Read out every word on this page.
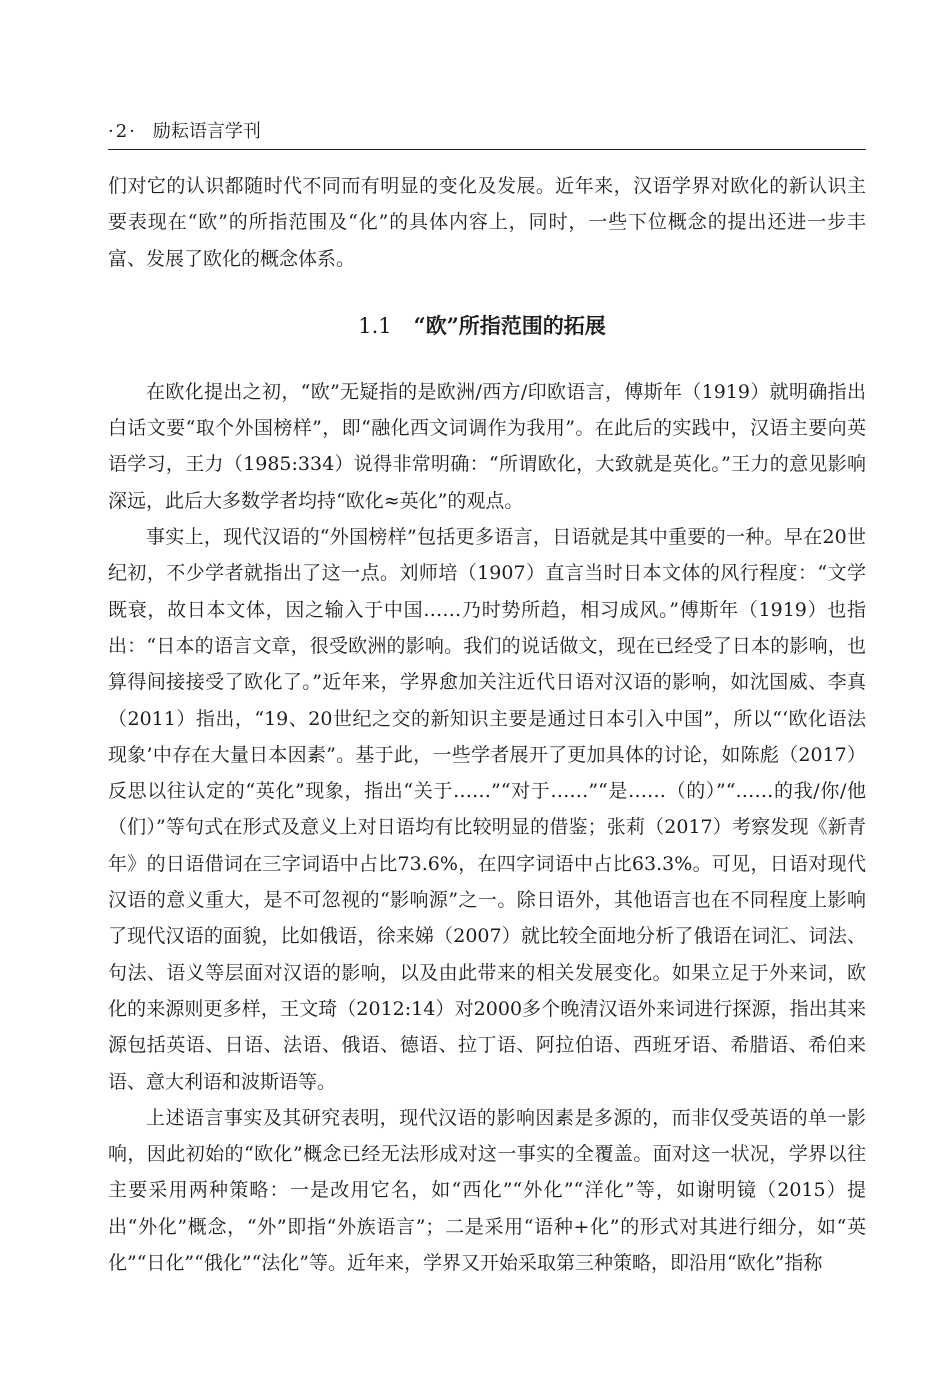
·2· 励耘语言学刊

们对它的认识都随时代不同而有明显的变化及发展。近年来，汉语学界对欧化的新认识主要表现在“欧”的所指范围及“化”的具体内容上，同时，一些下位概念的提出还进一步丰富、发展了欧化的概念体系。

1.1 “欧”所指范围的拓展

在欧化提出之初，“欧”无疑指的是欧洲/西方/印欧语言，傅斯年（1919）就明确指出白话文要“取个外国榜样”，即“融化西文词调作为我用”。在此后的实践中，汉语主要向英语学习，王力（1985:334）说得非常明确：“所谓欧化，大致就是英化。”王力的意见影响深远，此后大多数学者均持“欧化≈英化”的观点。

事实上，现代汉语的“外国榜样”包括更多语言，日语就是其中重要的一种。早在20世纪初，不少学者就指出了这一点。刘师培（1907）直言当时日本文体的风行程度：“文学既衰，故日本文体，因之输入于中国……乃时势所趋，相习成风。”傅斯年（1919）也指出：“日本的语言文章，很受欧洲的影响。我们的说话做文，现在已经受了日本的影响，也算得间接接受了欧化了。”近年来，学界愈加关注近代日语对汉语的影响，如沈国威、李真（2011）指出，“19、20世纪之交的新知识主要是通过日本引入中国”，所以“‘欧化语法现象’中存在大量日本因素”。基于此，一些学者展开了更加具体的讨论，如陈彪（2017）反思以往认定的“英化”现象，指出“关于……”“对于……”“是……（的）”“……的我/你/他（们）”等句式在形式及意义上对日语均有比较明显的借鉴；张莉（2017）考察发现《新青年》的日语借词在三字词语中占比73.6%，在四字词语中占比63.3%。可见，日语对现代汉语的意义重大，是不可忽视的“影响源”之一。除日语外，其他语言也在不同程度上影响了现代汉语的面貌，比如俄语，徐来娣（2007）就比较全面地分析了俄语在词汇、词法、句法、语义等层面对汉语的影响，以及由此带来的相关发展变化。如果立足于外来词，欧化的来源则更多样，王文琦（2012:14）对2000多个晚清汉语外来词进行探源，指出其来源包括英语、日语、法语、俄语、德语、拉丁语、阿拉伯语、西班牙语、希腊语、希伯来语、意大利语和波斯语等。

上述语言事实及其研究表明，现代汉语的影响因素是多源的，而非仅受英语的单一影响，因此初始的“欧化”概念已经无法形成对这一事实的全覆盖。面对这一状况，学界以往主要采用两种策略：一是改用它名，如“西化”“外化”“洋化”等，如谢明镜（2015）提出“外化”概念，“外”即指“外族语言”；二是采用“语种+化”的形式对其进行细分，如“英化”“日化”“俄化”“法化”等。近年来，学界又开始采取第三种策略，即沿用“欧化”指称
